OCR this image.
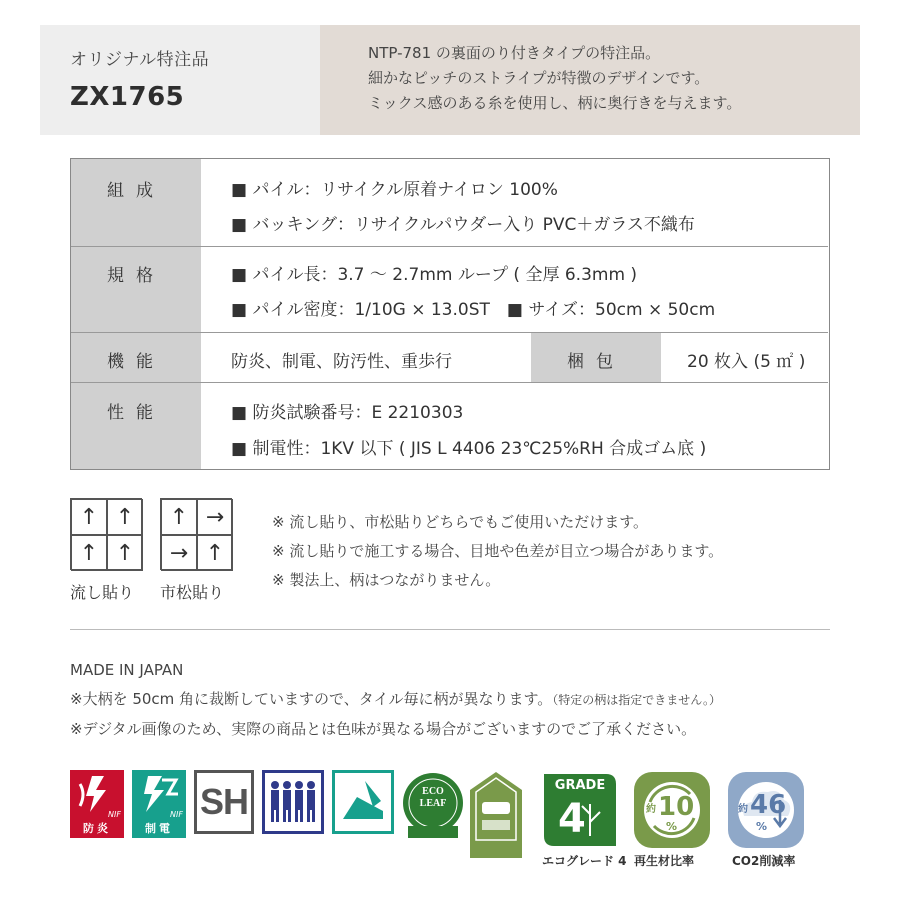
オリジナル特注品
ZX1765
NTP-781 の裏面のり付きタイプの特注品。
細かなピッチのストライプが特徴のデザインです。
ミックス感のある糸を使用し、柄に奥行きを与えます。
組成	■ パイル：リサイクル原着ナイロン 100%
■ バッキング：リサイクルパウダー入り PVC＋ガラス不織布
規格	■ パイル長：3.7 ～ 2.7mm ループ ( 全厚 6.3mm )
■ パイル密度：1/10G × 13.0ST　■ サイズ：50cm × 50cm
機能	防炎、制電、防汚性、重歩行	梱包	20 枚入 (5 ㎡ )
性能	■ 防炎試験番号：E 2210303
■ 制電性：1KV 以下 ( JIS L 4406 23℃25%RH 合成ゴム底 )
↑ ↑
↑ ↑
流し貼り
↑ →
→ ↑
市松貼り
※ 流し貼り、市松貼りどちらでもご使用いただけます。
※ 流し貼りで施工する場合、目地や色差が目立つ場合があります。
※ 製法上、柄はつながりません。
MADE IN JAPAN
※大柄を 50cm 角に裁断していますので、タイル毎に柄が異なります。（特定の柄は指定できません。）
※デジタル画像のため、実際の商品とは色味が異なる場合がございますのでご了承ください。
NIF
防炎
NIF
制電
SH	ECO
LEAF
GRADE
4
エコグレード 4
約 10
%
再生材比率
約 46
%
CO2削減率
